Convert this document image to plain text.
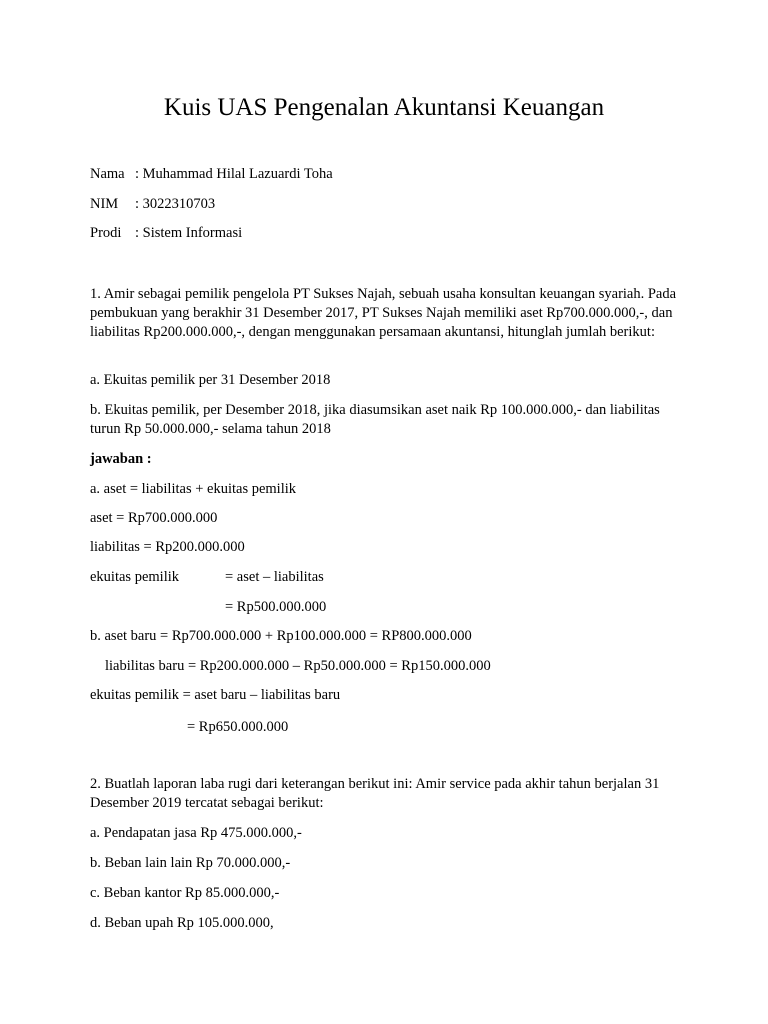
Kuis UAS Pengenalan Akuntansi Keuangan
Nama : Muhammad Hilal Lazuardi Toha
NIM : 3022310703
Prodi : Sistem Informasi
1. Amir sebagai pemilik pengelola PT Sukses Najah, sebuah usaha konsultan keuangan syariah. Pada pembukuan yang berakhir 31 Desember 2017, PT Sukses Najah memiliki aset Rp700.000.000,-, dan liabilitas Rp200.000.000,-, dengan menggunakan persamaan akuntansi, hitunglah jumlah berikut:
a. Ekuitas pemilik per 31 Desember 2018
b. Ekuitas pemilik, per Desember 2018, jika diasumsikan aset naik Rp 100.000.000,- dan liabilitas turun Rp 50.000.000,- selama tahun 2018
jawaban :
a. aset = liabilitas + ekuitas pemilik
aset = Rp700.000.000
liabilitas = Rp200.000.000
ekuitas pemilik	= aset – liabilitas
= Rp500.000.000
b. aset baru = Rp700.000.000 + Rp100.000.000 = RP800.000.000
liabilitas baru = Rp200.000.000 – Rp50.000.000 = Rp150.000.000
ekuitas pemilik = aset baru – liabilitas baru
= Rp650.000.000
2. Buatlah laporan laba rugi dari keterangan berikut ini: Amir service pada akhir tahun berjalan 31 Desember 2019 tercatat sebagai berikut:
a. Pendapatan jasa Rp 475.000.000,-
b. Beban lain lain Rp 70.000.000,-
c. Beban kantor Rp 85.000.000,-
d. Beban upah Rp 105.000.000,
